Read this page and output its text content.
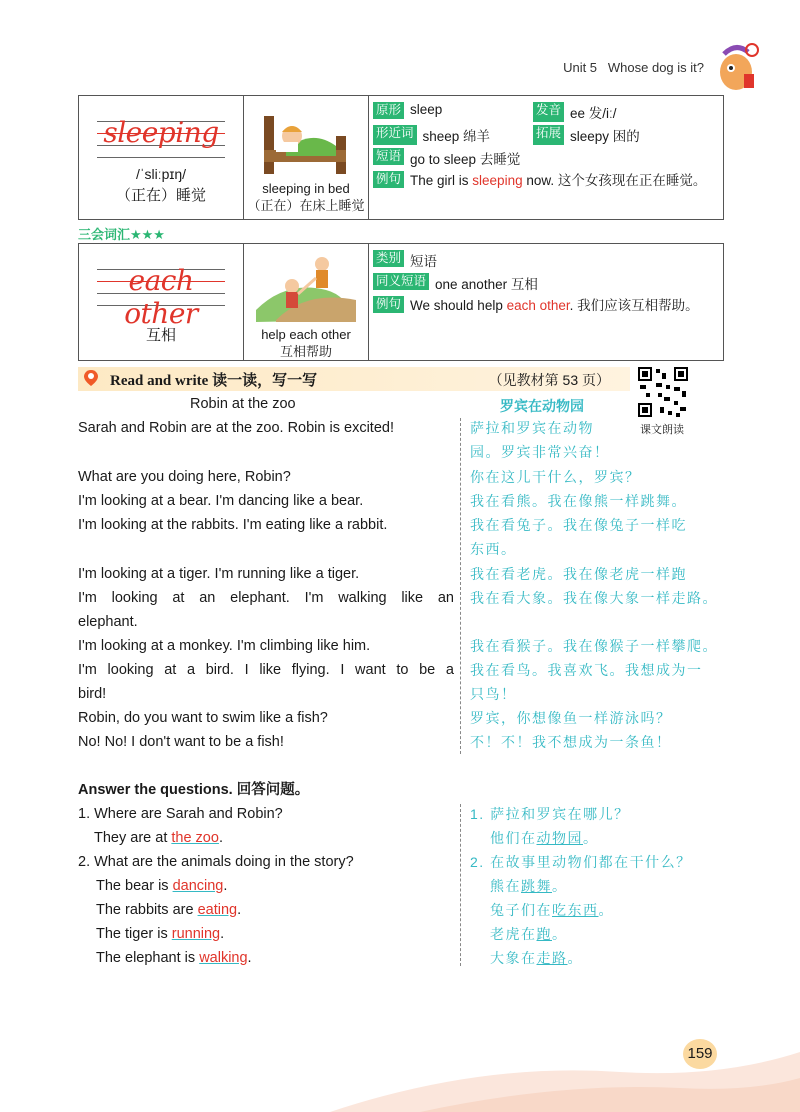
Unit 5 Whose dog is it?
sleeping
/ˈsliːpɪŋ/
（正在）睡觉	sleeping in bed
（正在）在床上睡觉

原形 sleep	发音 ee 发/iː/
形近词 sheep 绵羊	拓展 sleepy 困的
短语 go to sleep 去睡觉
例句 The girl is sleeping now. 这个女孩现在正在睡觉。
三会词汇★★★
each other
互相	help each other
互相帮助

类别 短语
同义短语 one another 互相
例句 We should help each other. 我们应该互相帮助。
Read and write 读一读，写一写	（见教材第 53 页）
课文朗读
Robin at the zoo	罗宾在动物园
Sarah and Robin are at the zoo. Robin is excited!
What are you doing here, Robin?
I'm looking at a bear. I'm dancing like a bear.
I'm looking at the rabbits. I'm eating like a rabbit.
I'm looking at a tiger. I'm running like a tiger.
I'm looking at an elephant. I'm walking like an
elephant.
I'm looking at a monkey. I'm climbing like him.
I'm looking at a bird. I like flying. I want to be a
bird!
Robin, do you want to swim like a fish?
No! No! I don't want to be a fish!
萨拉和罗宾在动物
园。罗宾非常兴奋！
你在这儿干什么，罗宾？
我在看熊。我在像熊一样跳舞。
我在看兔子。我在像兔子一样吃
东西。
我在看老虎。我在像老虎一样跑
我在看大象。我在像大象一样走路。
我在看猴子。我在像猴子一样攀爬。
我在看鸟。我喜欢飞。我想成为一
只鸟！
罗宾，你想像鱼一样游泳吗？
不！不！我不想成为一条鱼！
Answer the questions. 回答问题。
1. Where are Sarah and Robin?
They are at the zoo.
2. What are the animals doing in the story?
The bear is dancing.
The rabbits are eating.
The tiger is running.
The elephant is walking.
1. 萨拉和罗宾在哪儿？
他们在动物园。
2. 在故事里动物们都在干什么？
熊在跳舞。
兔子们在吃东西。
老虎在跑。
大象在走路。
159
